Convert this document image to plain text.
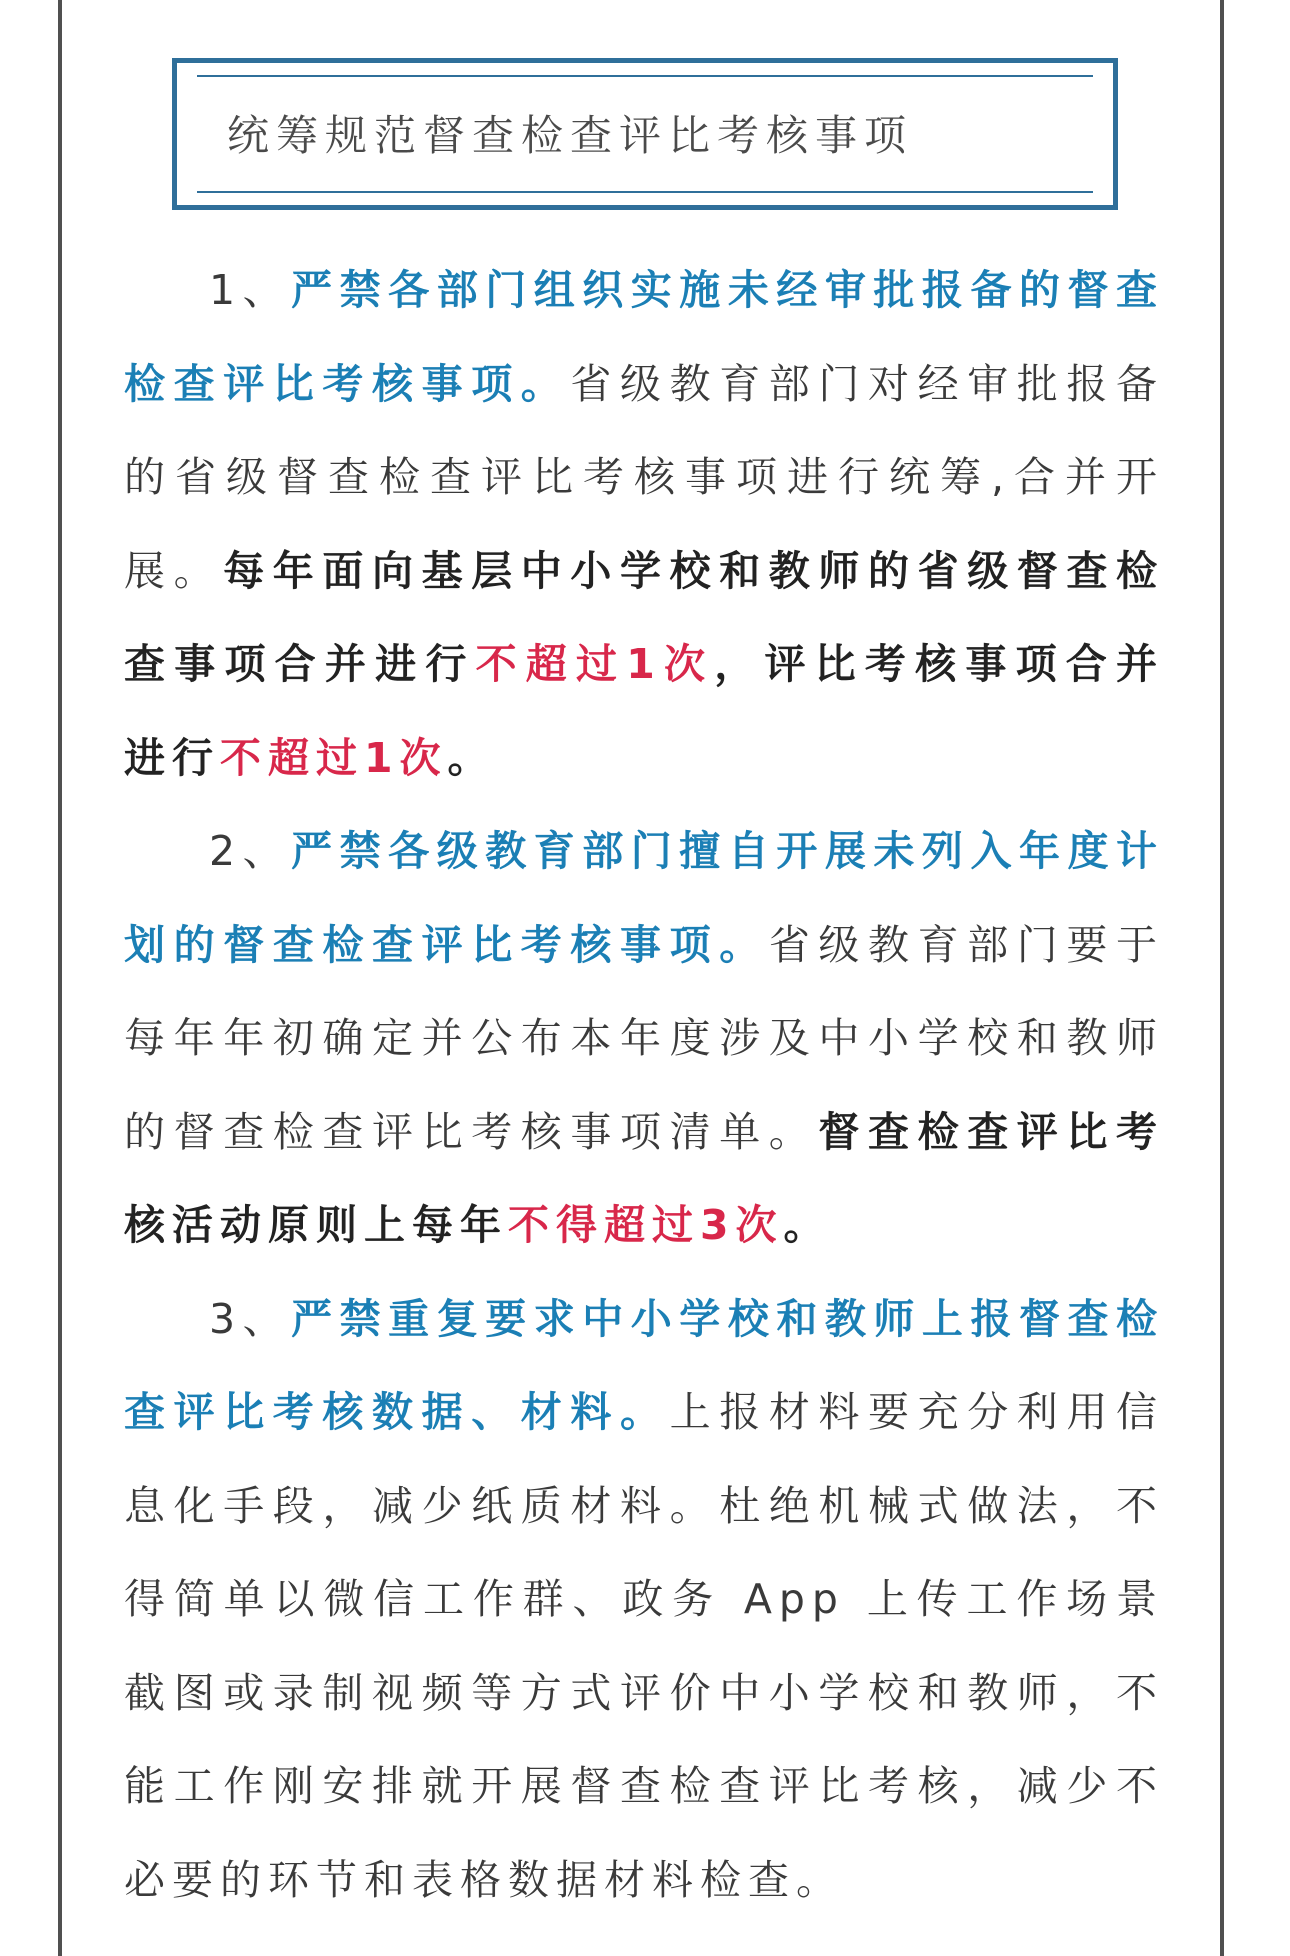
统筹规范督查检查评比考核事项

1、严禁各部门组织实施未经审批报备的督查检查评比考核事项。省级教育部门对经审批报备的省级督查检查评比考核事项进行统筹,合并开展。每年面向基层中小学校和教师的省级督查检查事项合并进行不超过1次，评比考核事项合并进行不超过1次。

2、严禁各级教育部门擅自开展未列入年度计划的督查检查评比考核事项。省级教育部门要于每年年初确定并公布本年度涉及中小学校和教师的督查检查评比考核事项清单。督查检查评比考核活动原则上每年不得超过3次。

3、严禁重复要求中小学校和教师上报督查检查评比考核数据、材料。上报材料要充分利用信息化手段，减少纸质材料。杜绝机械式做法，不得简单以微信工作群、政务 App 上传工作场景截图或录制视频等方式评价中小学校和教师，不能工作刚安排就开展督查检查评比考核，减少不必要的环节和表格数据材料检查。
